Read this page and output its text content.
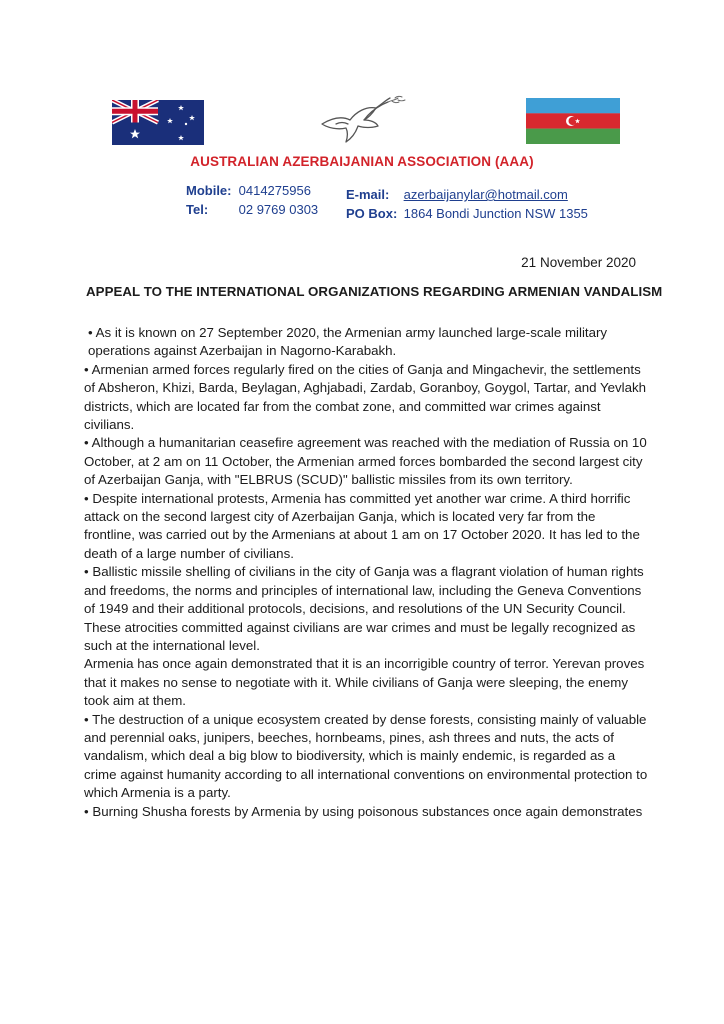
AUSTRALIAN AZERBAIJANIAN ASSOCIATION (AAA)
Mobile: 0414275956
Tel: 02 9769 0303
E-mail: azerbaijanylar@hotmail.com
PO Box: 1864 Bondi Junction NSW 1355
21 November 2020
APPEAL TO THE INTERNATIONAL ORGANIZATIONS REGARDING ARMENIAN VANDALISM

• As it is known on 27 September 2020, the Armenian army launched large-scale military operations against Azerbaijan in Nagorno-Karabakh.

• Armenian armed forces regularly fired on the cities of Ganja and Mingachevir, the settlements of Absheron, Khizi, Barda, Beylagan, Aghjabadi, Zardab, Goranboy, Goygol, Tartar, and Yevlakh districts, which are located far from the combat zone, and committed war crimes against civilians.

• Although a humanitarian ceasefire agreement was reached with the mediation of Russia on 10 October, at 2 am on 11 October, the Armenian armed forces bombarded the second largest city of Azerbaijan Ganja, with "ELBRUS (SCUD)" ballistic missiles from its own territory.

• Despite international protests, Armenia has committed yet another war crime. A third horrific attack on the second largest city of Azerbaijan Ganja, which is located very far from the frontline, was carried out by the Armenians at about 1 am on 17 October 2020. It has led to the death of a large number of civilians.

• Ballistic missile shelling of civilians in the city of Ganja was a flagrant violation of human rights and freedoms, the norms and principles of international law, including the Geneva Conventions of 1949 and their additional protocols, decisions, and resolutions of the UN Security Council. These atrocities committed against civilians are war crimes and must be legally recognized as such at the international level.

Armenia has once again demonstrated that it is an incorrigible country of terror. Yerevan proves that it makes no sense to negotiate with it. While civilians of Ganja were sleeping, the enemy took aim at them.

• The destruction of a unique ecosystem created by dense forests, consisting mainly of valuable and perennial oaks, junipers, beeches, hornbeams, pines, ash threes and nuts, the acts of vandalism, which deal a big blow to biodiversity, which is mainly endemic, is regarded as a crime against humanity according to all international conventions on environmental protection to which Armenia is a party.

• Burning Shusha forests by Armenia by using poisonous substances once again demonstrates
